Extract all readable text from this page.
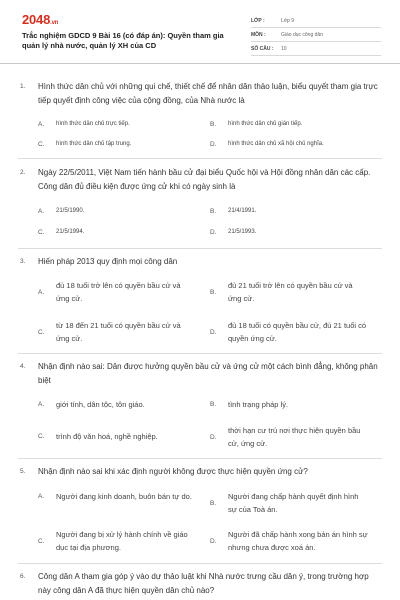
2048.vn
Trắc nghiệm GDCD 9 Bài 16 (có đáp án): Quyền tham gia quản lý nhà nước, quản lý XH của CD
LỚP :	Lớp 9
MÔN :	Giáo dục công dân
SỐ CÂU :	10
1. Hình thức dân chủ với những qui chế, thiết chế để nhân dân thảo luận, biểu quyết tham gia trực tiếp quyết định công việc của cộng đồng, của Nhà nước là
A.	hình thức dân chủ trực tiếp.	B.	hình thức dân chủ gián tiếp.
C.	hình thức dân chủ tập trung.	D.	hình thức dân chủ xã hội chủ nghĩa.
2. Ngày 22/5/2011, Việt Nam tiến hành bầu cử đại biểu Quốc hội và Hội đồng nhân dân các cấp. Công dân đủ điều kiện được ứng cử khi có ngày sinh là
A.	21/5/1990.	B.	21/4/1991.
C.	21/5/1994.	D.	21/5/1993.
3. Hiến pháp 2013 quy định mọi công dân
A.
đủ 18 tuổi trở lên có quyền bầu cử và ứng cử.
B.
đủ 21 tuổi trở lên có quyền bầu cử và ứng cử.
C.
từ 18 đến 21 tuổi có quyền bầu cử và ứng cử.
D.
đủ 18 tuổi có quyền bầu cử, đủ 21 tuổi có quyền ứng cử.
4. Nhận định nào sai: Dân được hưởng quyền bầu cử và ứng cử một cách bình đẳng, không phân biệt
A.	giới tính, dân tộc, tôn giáo.	B.	tình trạng pháp lý.
C.	trình độ văn hoá, nghề nghiệp.	D.
thời hạn cư trú nơi thực hiện quyền bầu cử, ứng cử.
5. Nhận định nào sai khi xác định người không được thực hiện quyền ứng cử?
A.	Người đang kinh doanh, buôn bán tự do.
B.
Người đang chấp hành quyết định hình sự của Toà án.
C.
Người đang bị xử lý hành chính về giáo dục tại địa phương.
D.
Người đã chấp hành xong bản án hình sự nhưng chưa được xoá án.
6. Công dân A tham gia góp ý vào dự thảo luật khi Nhà nước trưng cầu dân ý, trong trường hợp này công dân A đã thực hiện quyền dân chủ nào?
